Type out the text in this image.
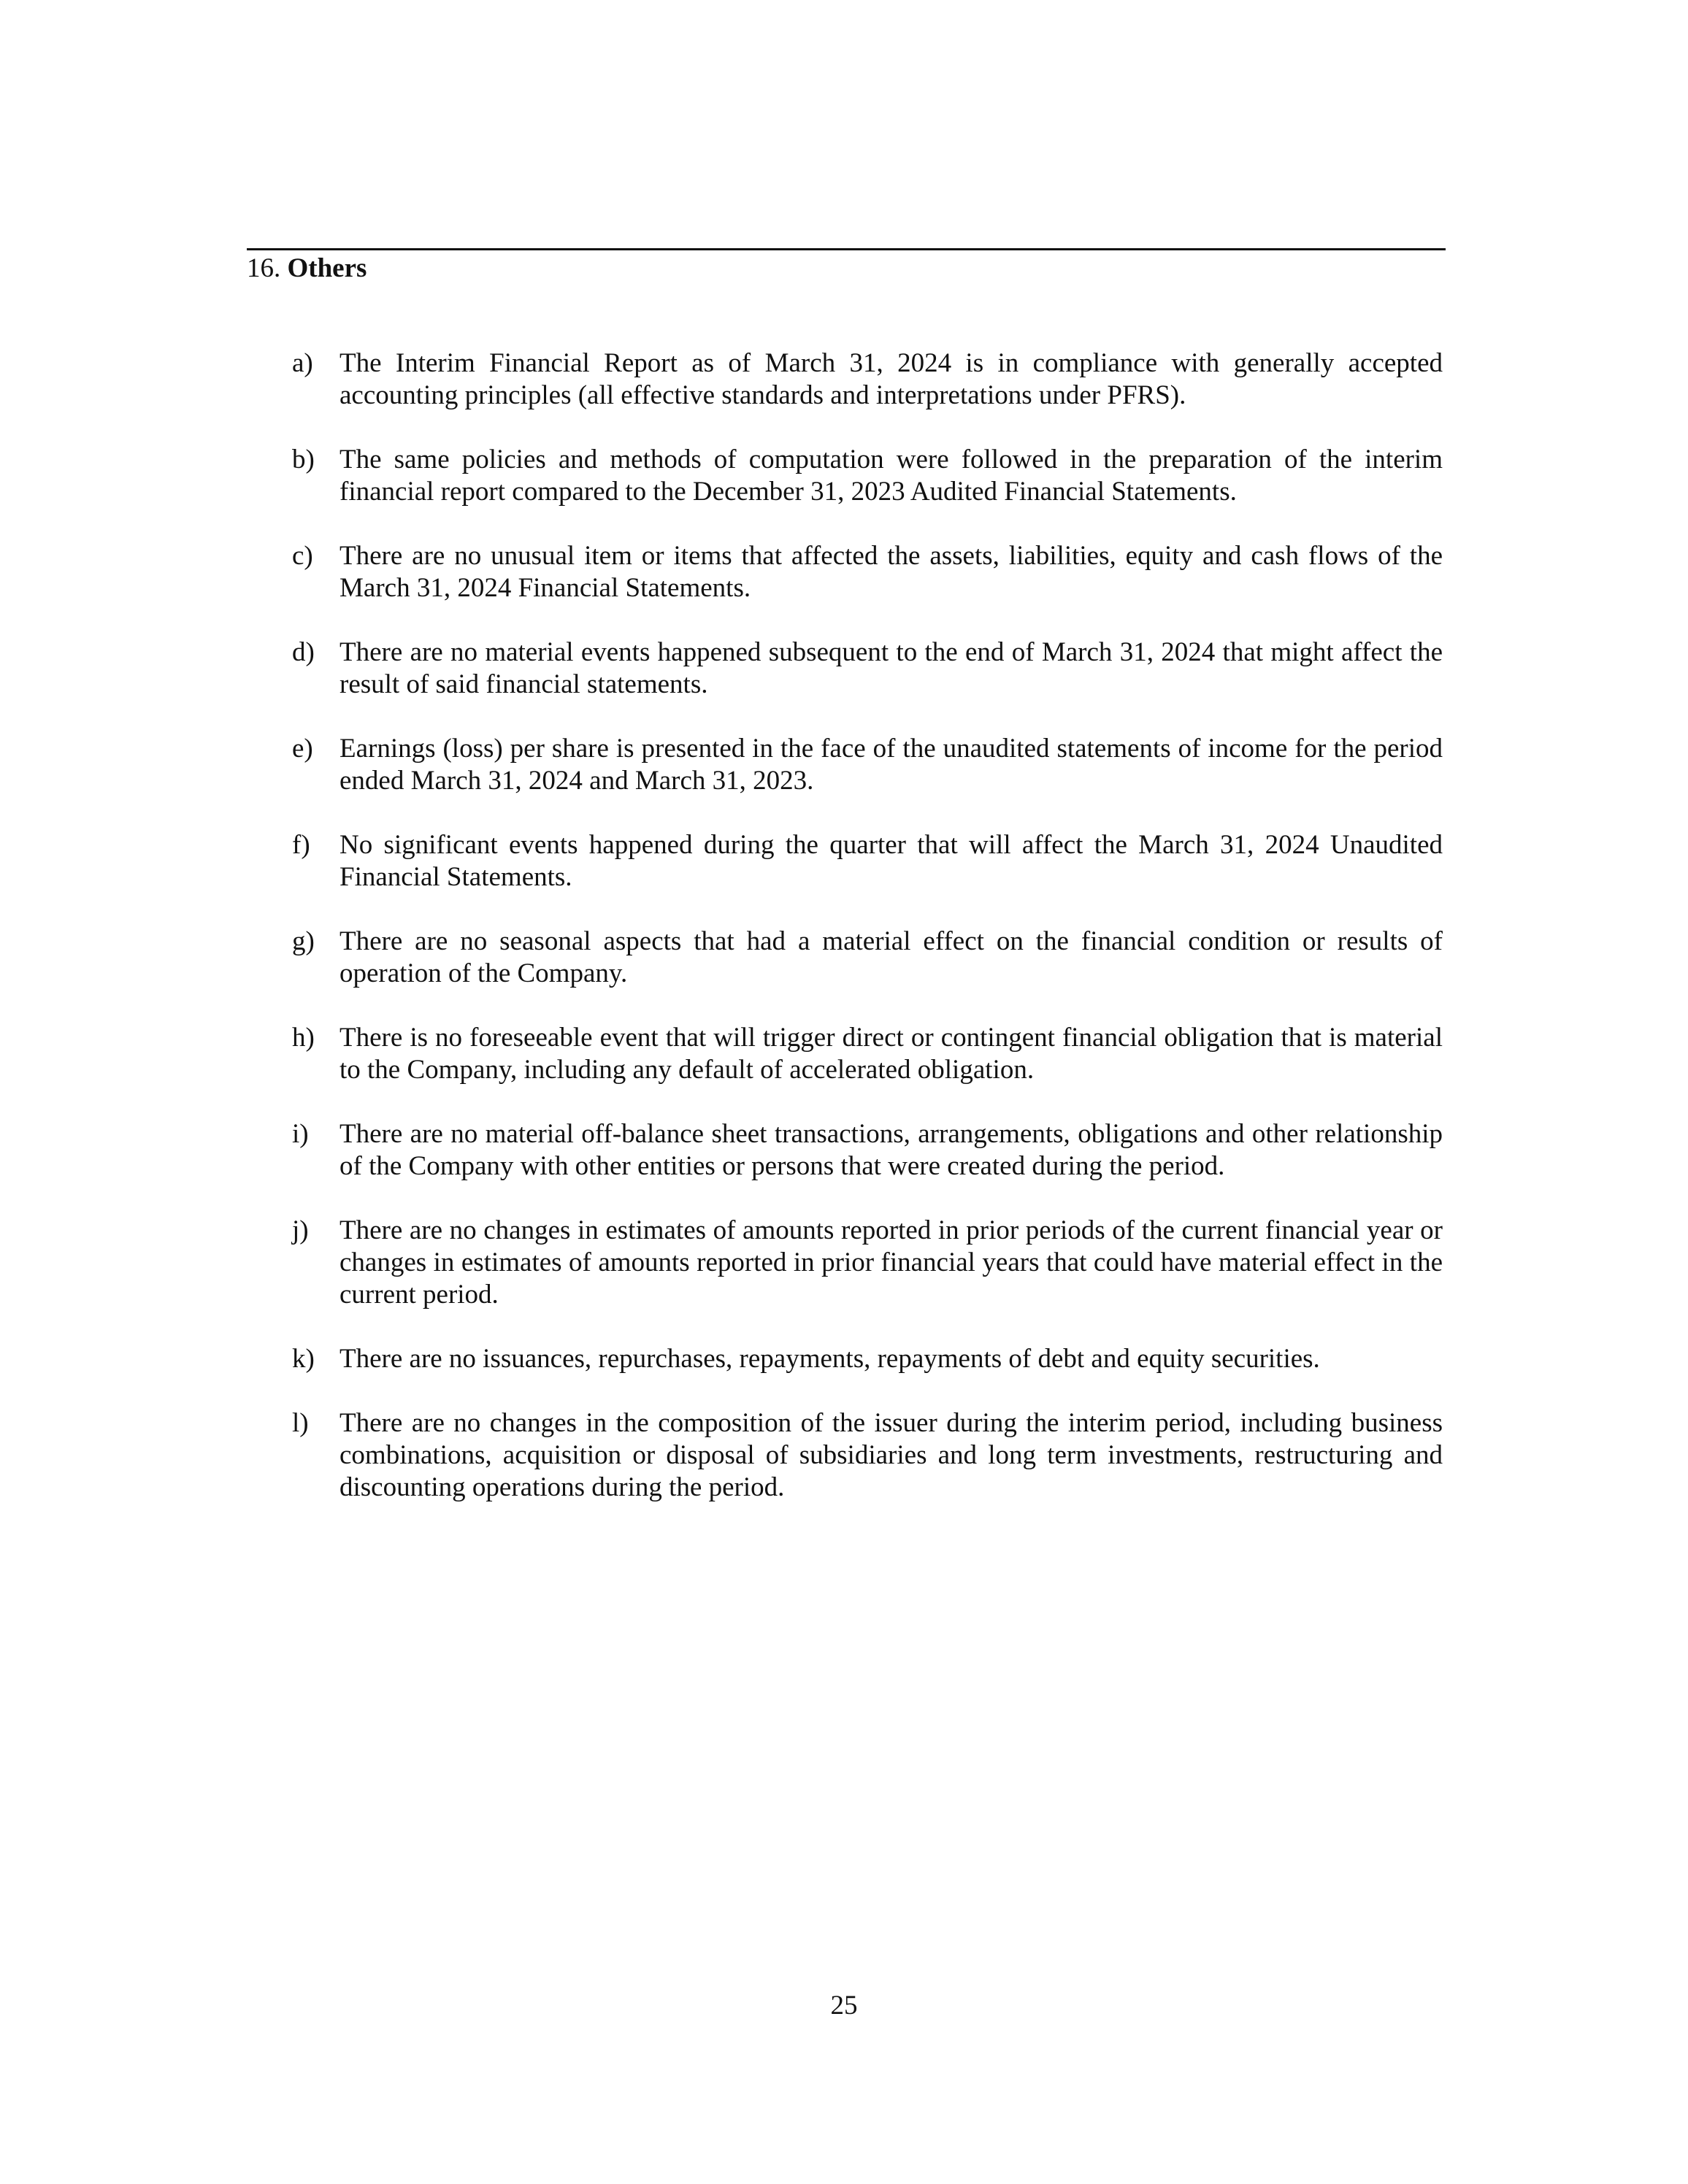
16. Others
a) The Interim Financial Report as of March 31, 2024 is in compliance with generally accepted accounting principles (all effective standards and interpretations under PFRS).
b) The same policies and methods of computation were followed in the preparation of the interim financial report compared to the December 31, 2023 Audited Financial Statements.
c) There are no unusual item or items that affected the assets, liabilities, equity and cash flows of the March 31, 2024 Financial Statements.
d) There are no material events happened subsequent to the end of March 31, 2024 that might affect the result of said financial statements.
e) Earnings (loss) per share is presented in the face of the unaudited statements of income for the period ended March 31, 2024 and March 31, 2023.
f) No significant events happened during the quarter that will affect the March 31, 2024 Unaudited Financial Statements.
g) There are no seasonal aspects that had a material effect on the financial condition or results of operation of the Company.
h) There is no foreseeable event that will trigger direct or contingent financial obligation that is material to the Company, including any default of accelerated obligation.
i) There are no material off-balance sheet transactions, arrangements, obligations and other relationship of the Company with other entities or persons that were created during the period.
j) There are no changes in estimates of amounts reported in prior periods of the current financial year or changes in estimates of amounts reported in prior financial years that could have material effect in the current period.
k) There are no issuances, repurchases, repayments, repayments of debt and equity securities.
l) There are no changes in the composition of the issuer during the interim period, including business combinations, acquisition or disposal of subsidiaries and long term investments, restructuring and discounting operations during the period.
25
